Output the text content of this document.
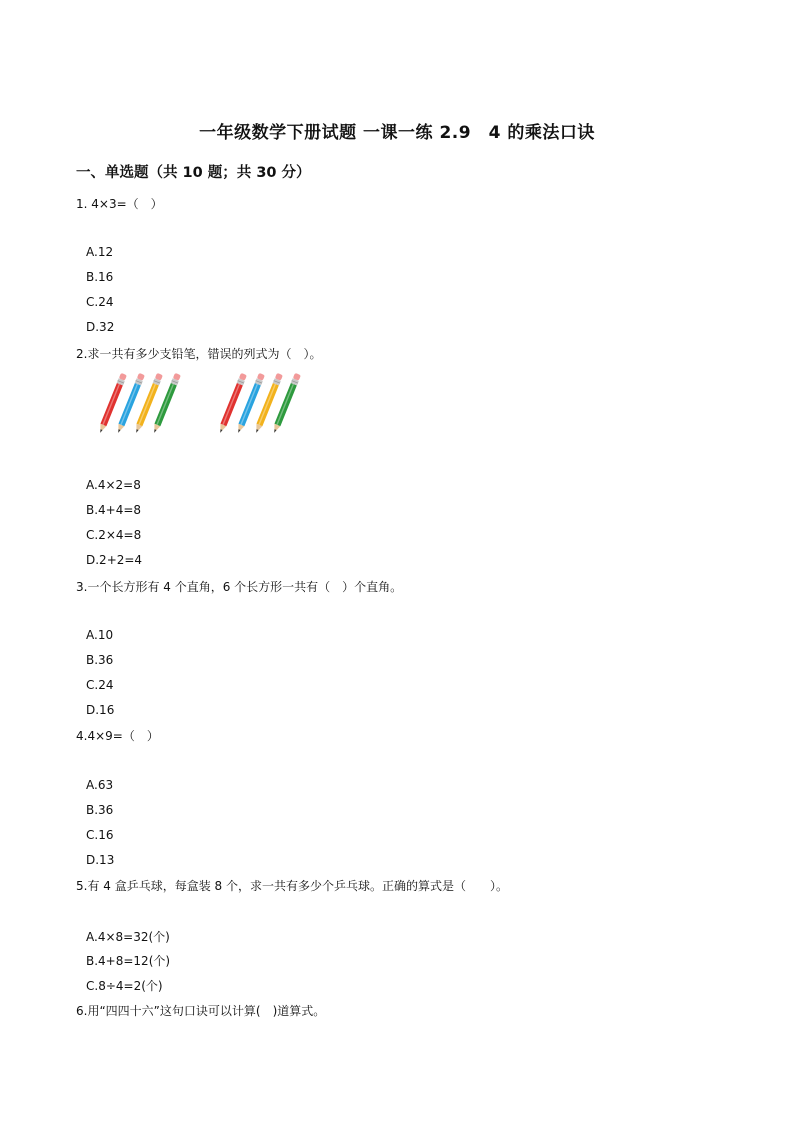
一年级数学下册试题 一课一练 2.9　4 的乘法口诀
一、单选题（共 10 题；共 30 分）
1. 4×3=（　）
A.12
B.16
C.24
D.32
2.求一共有多少支铅笔，错误的列式为（　）。
A.4×2=8
B.4+4=8
C.2×4=8
D.2+2=4
3.一个长方形有 4 个直角，6 个长方形一共有（　）个直角。
A.10
B.36
C.24
D.16
4.4×9=（　）
A.63
B.36
C.16
D.13
5.有 4 盒乒乓球，每盒装 8 个，求一共有多少个乒乓球。正确的算式是（　　）。
A.4×8=32(个)
B.4+8=12(个)
C.8÷4=2(个)
6.用“四四十六”这句口诀可以计算(　)道算式。
